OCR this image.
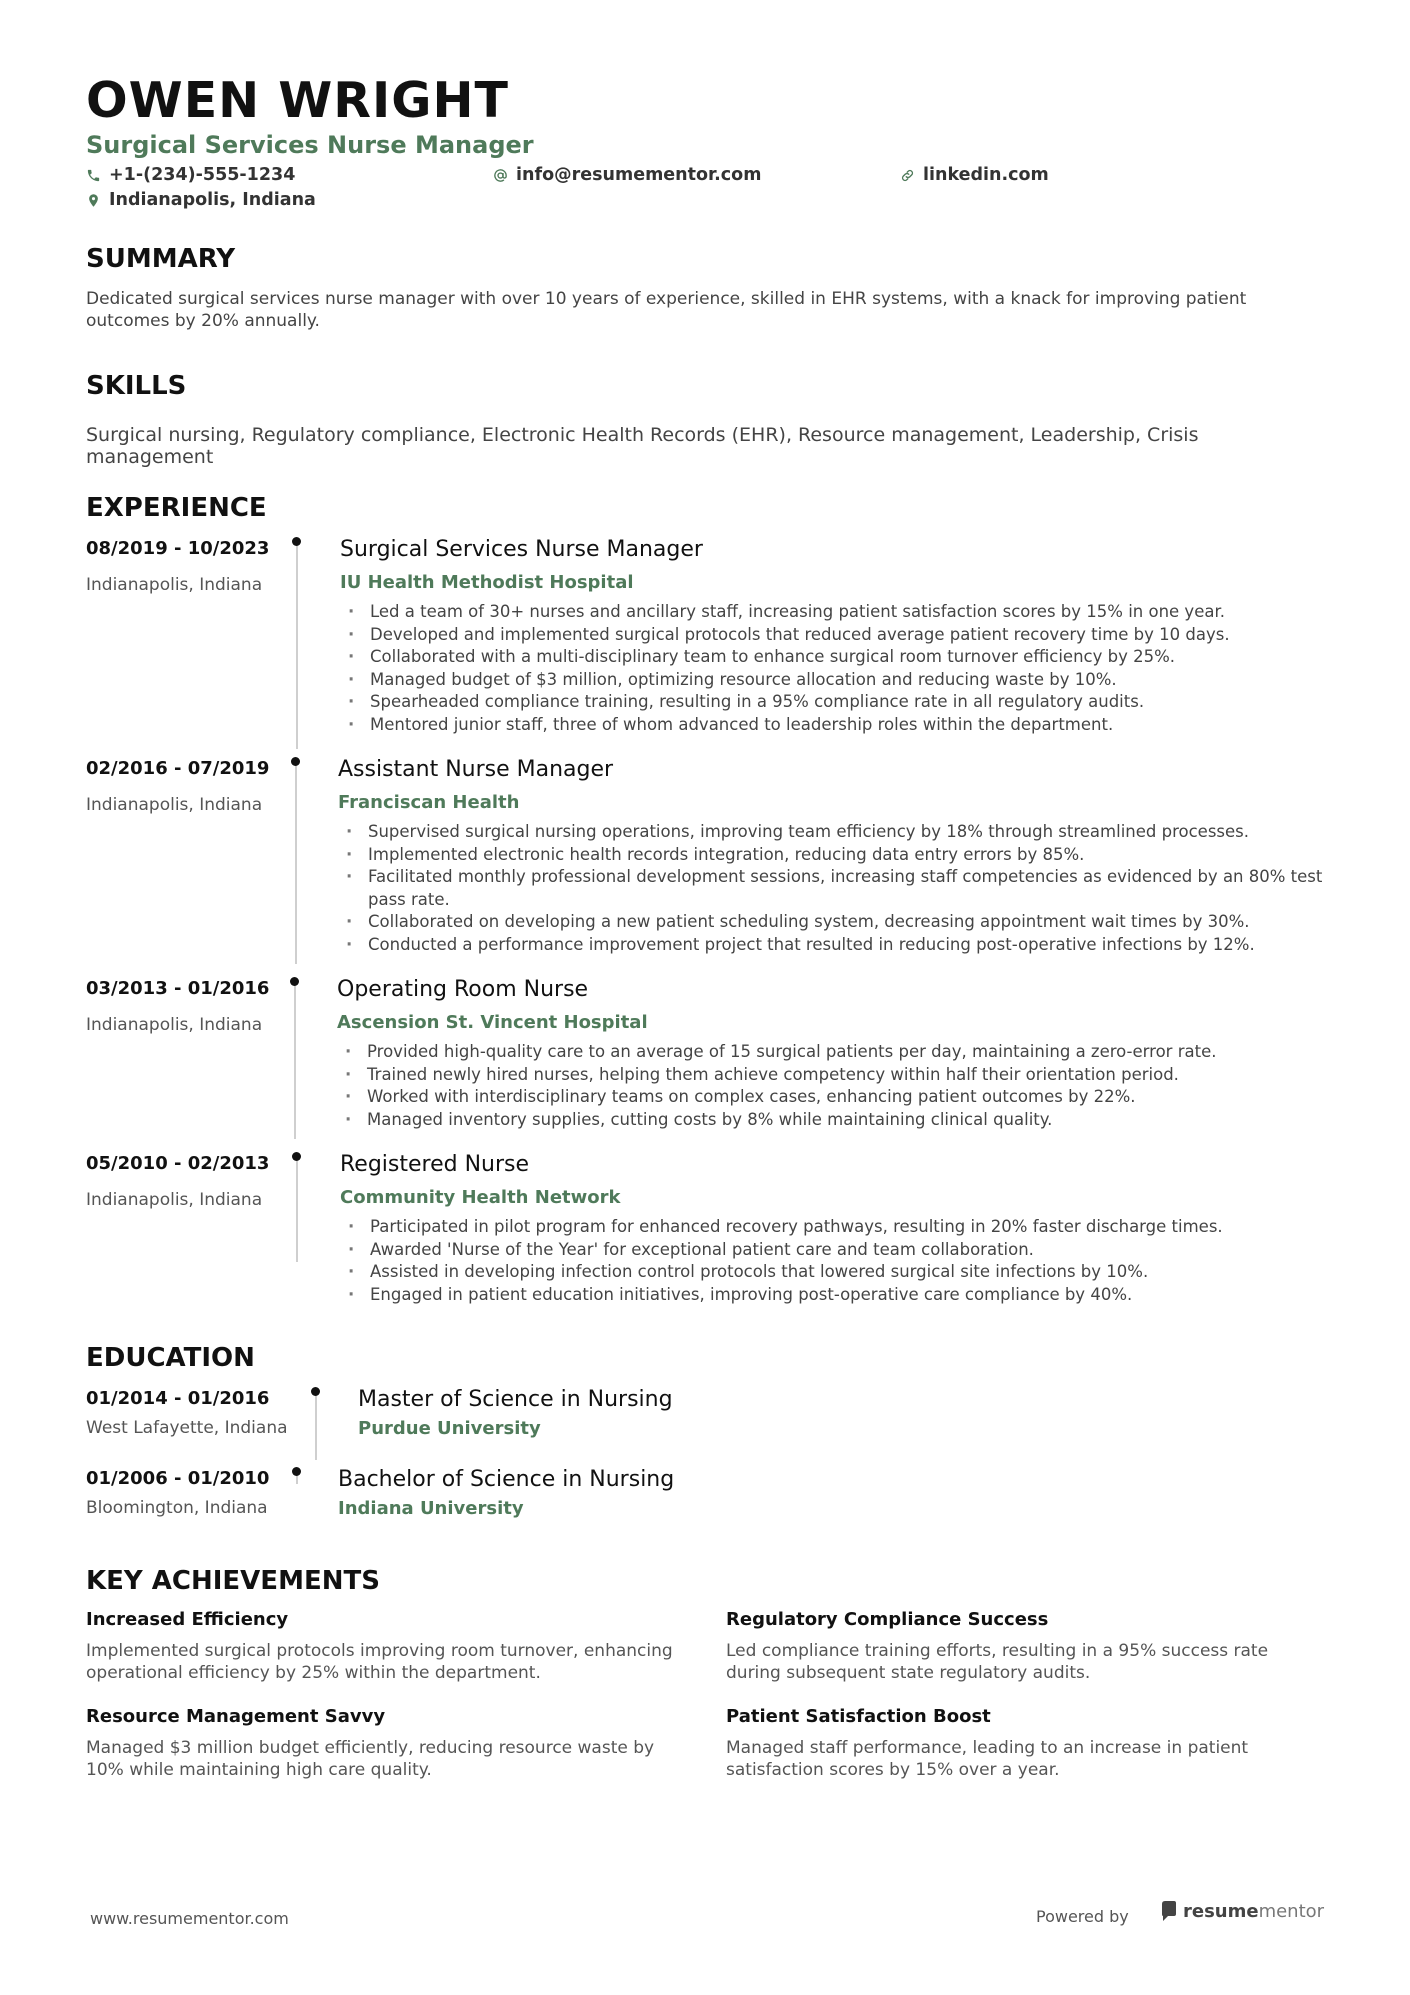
OWEN WRIGHT
Surgical Services Nurse Manager
+1-(234)-555-1234	info@resumementor.com	linkedin.com
Indianapolis, Indiana
SUMMARY
Dedicated surgical services nurse manager with over 10 years of experience, skilled in EHR systems, with a knack for improving patient outcomes by 20% annually.
SKILLS
Surgical nursing, Regulatory compliance, Electronic Health Records (EHR), Resource management, Leadership, Crisis management
EXPERIENCE
08/2019 - 10/2023
Indianapolis, Indiana
Surgical Services Nurse Manager
IU Health Methodist Hospital
· Led a team of 30+ nurses and ancillary staff, increasing patient satisfaction scores by 15% in one year.
· Developed and implemented surgical protocols that reduced average patient recovery time by 10 days.
· Collaborated with a multi-disciplinary team to enhance surgical room turnover efficiency by 25%.
· Managed budget of $3 million, optimizing resource allocation and reducing waste by 10%.
· Spearheaded compliance training, resulting in a 95% compliance rate in all regulatory audits.
· Mentored junior staff, three of whom advanced to leadership roles within the department.
02/2016 - 07/2019
Indianapolis, Indiana
Assistant Nurse Manager
Franciscan Health
· Supervised surgical nursing operations, improving team efficiency by 18% through streamlined processes.
· Implemented electronic health records integration, reducing data entry errors by 85%.
· Facilitated monthly professional development sessions, increasing staff competencies as evidenced by an 80% test pass rate.
· Collaborated on developing a new patient scheduling system, decreasing appointment wait times by 30%.
· Conducted a performance improvement project that resulted in reducing post-operative infections by 12%.
03/2013 - 01/2016
Indianapolis, Indiana
Operating Room Nurse
Ascension St. Vincent Hospital
· Provided high-quality care to an average of 15 surgical patients per day, maintaining a zero-error rate.
· Trained newly hired nurses, helping them achieve competency within half their orientation period.
· Worked with interdisciplinary teams on complex cases, enhancing patient outcomes by 22%.
· Managed inventory supplies, cutting costs by 8% while maintaining clinical quality.
05/2010 - 02/2013
Indianapolis, Indiana
Registered Nurse
Community Health Network
· Participated in pilot program for enhanced recovery pathways, resulting in 20% faster discharge times.
· Awarded 'Nurse of the Year' for exceptional patient care and team collaboration.
· Assisted in developing infection control protocols that lowered surgical site infections by 10%.
· Engaged in patient education initiatives, improving post-operative care compliance by 40%.
EDUCATION
01/2014 - 01/2016
West Lafayette, Indiana
Master of Science in Nursing
Purdue University
01/2006 - 01/2010
Bloomington, Indiana
Bachelor of Science in Nursing
Indiana University
KEY ACHIEVEMENTS
Increased Efficiency
Implemented surgical protocols improving room turnover, enhancing operational efficiency by 25% within the department.
Regulatory Compliance Success
Led compliance training efforts, resulting in a 95% success rate during subsequent state regulatory audits.
Resource Management Savvy
Managed $3 million budget efficiently, reducing resource waste by 10% while maintaining high care quality.
Patient Satisfaction Boost
Managed staff performance, leading to an increase in patient satisfaction scores by 15% over a year.
www.resumementor.com	Powered by	resumementor
